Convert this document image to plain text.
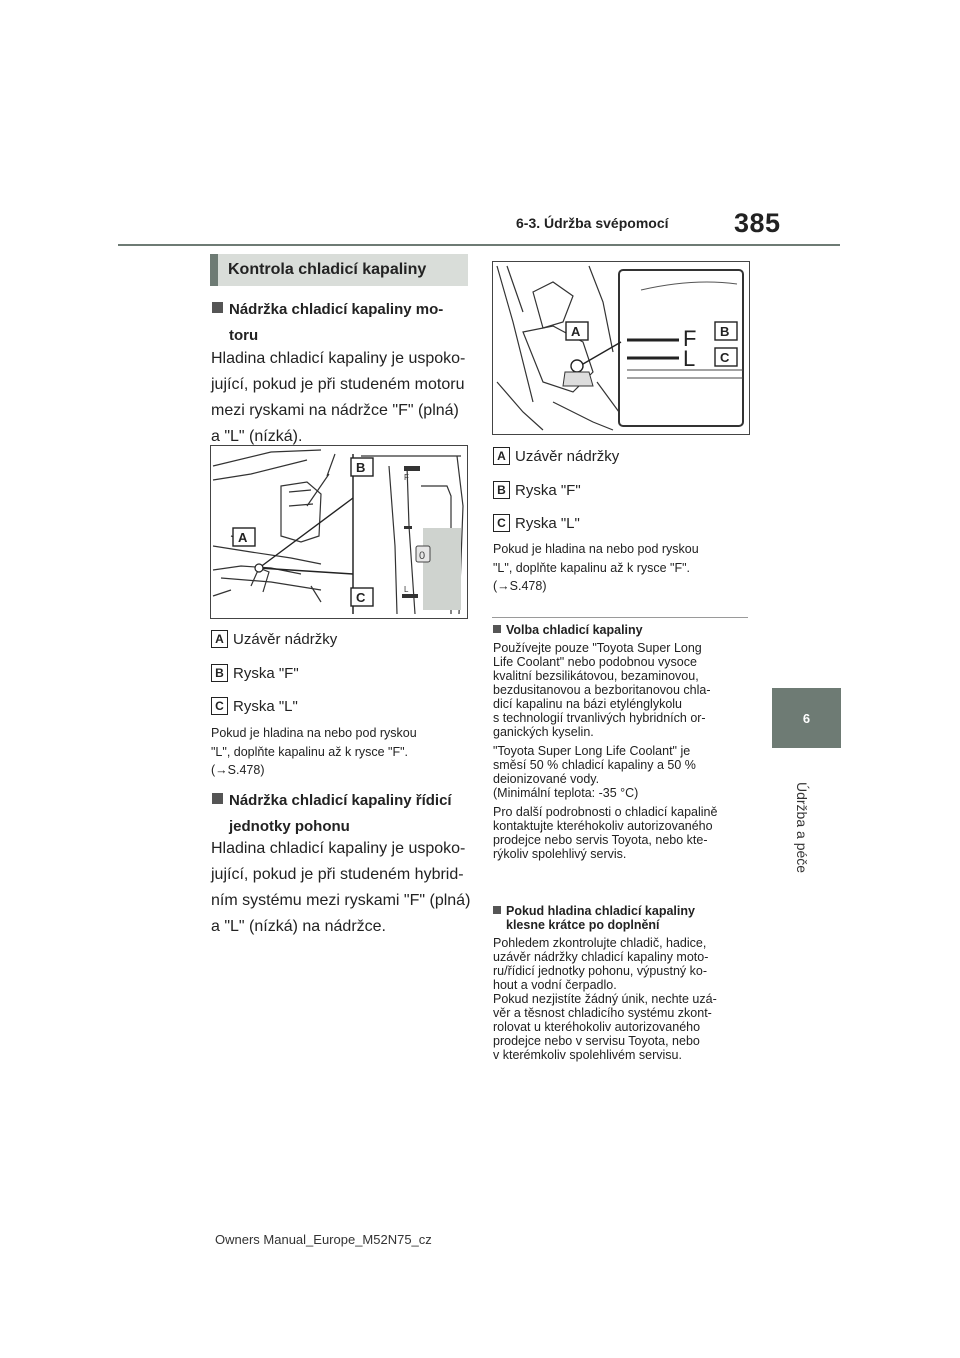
6-3. Údržba svépomocí 385
6
Údržba a péče
Kontrola chladicí kapaliny
Nádržka chladicí kapaliny mo-
toru
Hladina chladicí kapaliny je uspoko-
jující, pokud je při studeném motoru
mezi ryskami na nádržce "F" (plná)
a "L" (nízká).
0
F
L
A
B
C
A Uzávěr nádržky
B Ryska "F"
C Ryska "L"
Pokud je hladina na nebo pod ryskou
"L", doplňte kapalinu až k rysce "F".
(→S.478)
Nádržka chladicí kapaliny řídicí
jednotky pohonu
Hladina chladicí kapaliny je uspoko-
jující, pokud je při studeném hybrid-
ním systému mezi ryskami "F" (plná)
a "L" (nízká) na nádržce.
F
L
A	B
C
A Uzávěr nádržky
B Ryska "F"
C Ryska "L"
Pokud je hladina na nebo pod ryskou
"L", doplňte kapalinu až k rysce "F".
(→S.478)
Volba chladicí kapaliny
Používejte pouze "Toyota Super Long
Life Coolant" nebo podobnou vysoce
kvalitní bezsilikátovou, bezaminovou,
bezdusitanovou a bezboritanovou chla-
dicí kapalinu na bázi etylénglykolu
s technologií trvanlivých hybridních or-
ganických kyselin.
"Toyota Super Long Life Coolant" je
směsí 50 % chladicí kapaliny a 50 %
deionizované vody.
(Minimální teplota: -35 °C)
Pro další podrobnosti o chladicí kapalině
kontaktujte kteréhokoliv autorizovaného
prodejce nebo servis Toyota, nebo kte-
rýkoliv spolehlivý servis.
Pokud hladina chladicí kapaliny
klesne krátce po doplnění
Pohledem zkontrolujte chladič, hadice,
uzávěr nádržky chladicí kapaliny moto-
ru/řídicí jednotky pohonu, výpustný ko-
hout a vodní čerpadlo.
Pokud nezjistíte žádný únik, nechte uzá-
věr a těsnost chladicího systému zkont-
rolovat u kteréhokoliv autorizovaného
prodejce nebo v servisu Toyota, nebo
v kterémkoliv spolehlivém servisu.
Owners Manual_Europe_M52N75_cz
